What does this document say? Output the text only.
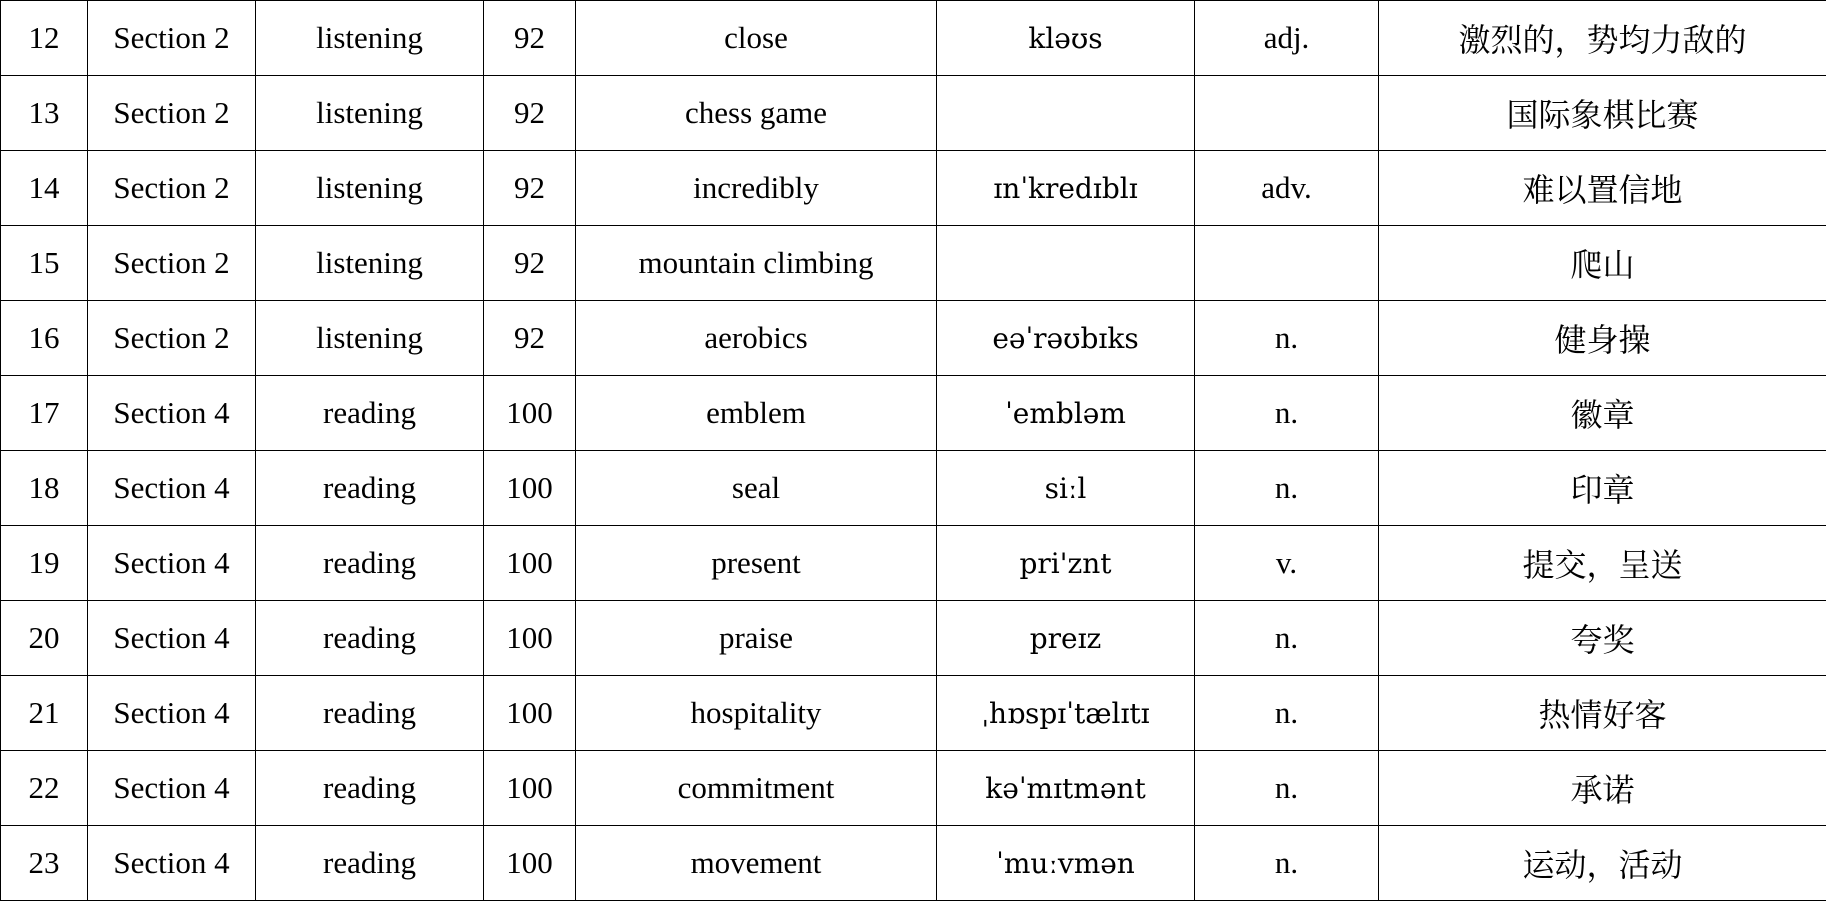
12	Section 2	listening	92	close	kləʊs	adj.	激烈的，势均力敌的
13	Section 2	listening	92	chess game			国际象棋比赛
14	Section 2	listening	92	incredibly	ɪnˈkredɪblɪ	adv.	难以置信地
15	Section 2	listening	92	mountain climbing			爬山
16	Section 2	listening	92	aerobics	eəˈrəʊbɪks	n.	健身操
17	Section 4	reading	100	emblem	ˈembləm	n.	徽章
18	Section 4	reading	100	seal	siːl	n.	印章
19	Section 4	reading	100	present	pri'znt	v.	提交，呈送
20	Section 4	reading	100	praise	preɪz	n.	夸奖
21	Section 4	reading	100	hospitality	ˌhɒspɪˈtælɪtɪ	n.	热情好客
22	Section 4	reading	100	commitment	kəˈmɪtmənt	n.	承诺
23	Section 4	reading	100	movement	ˈmuːvmən	n.	运动，活动
